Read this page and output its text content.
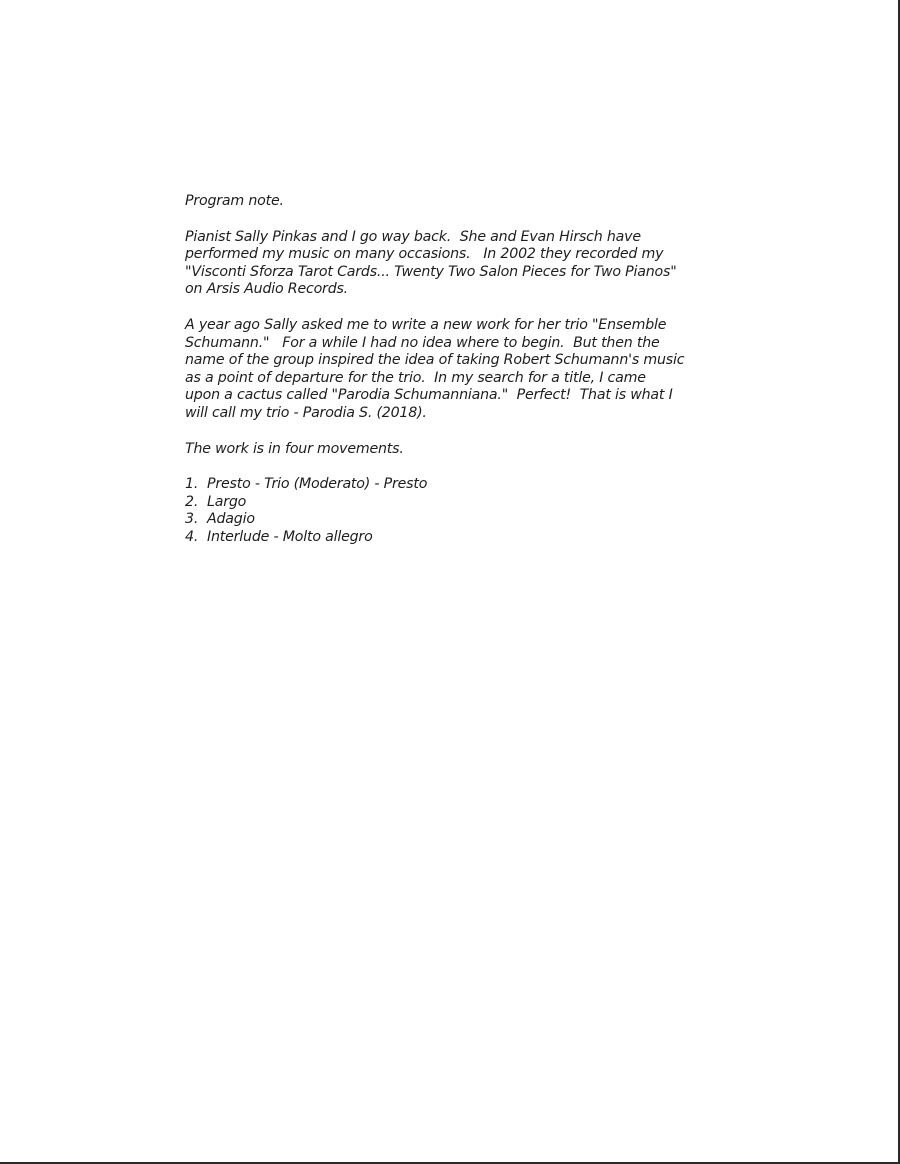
Program note.
Pianist Sally Pinkas and I go way back.  She and Evan Hirsch have
performed my music on many occasions.   In 2002 they recorded my
"Visconti Sforza Tarot Cards... Twenty Two Salon Pieces for Two Pianos"
on Arsis Audio Records.
A year ago Sally asked me to write a new work for her trio "Ensemble
Schumann."   For a while I had no idea where to begin.  But then the
name of the group inspired the idea of taking Robert Schumann's music
as a point of departure for the trio.  In my search for a title, I came
upon a cactus called "Parodia Schumanniana."  Perfect!  That is what I
will call my trio - Parodia S. (2018).
The work is in four movements.
1. Presto - Trio (Moderato) - Presto
2. Largo
3. Adagio
4. Interlude - Molto allegro
